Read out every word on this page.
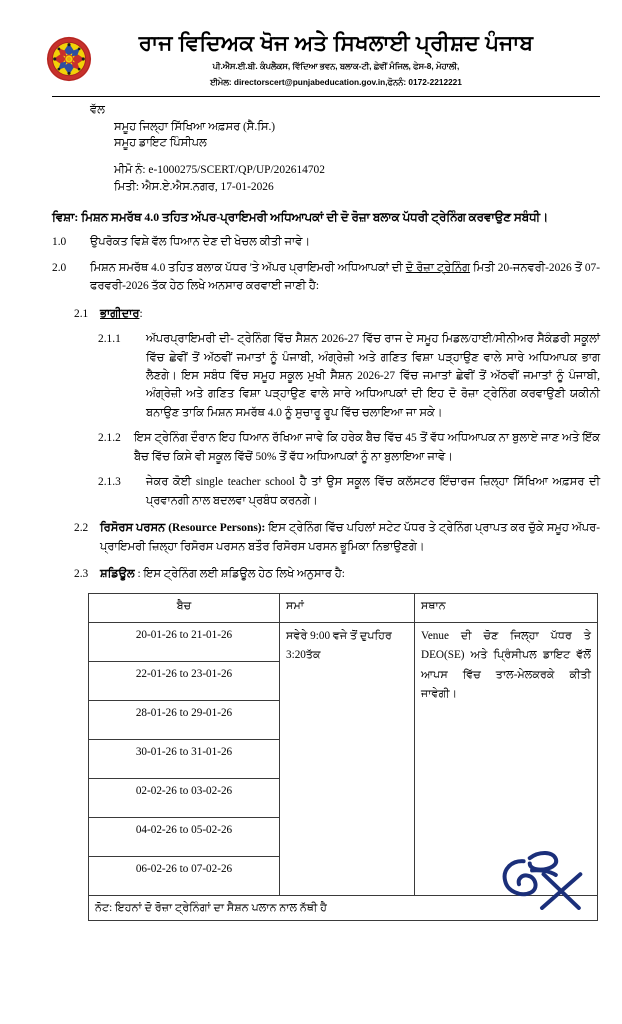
ਰਾਜ ਵਿਦਿਅਕ ਖੋਜ ਅਤੇ ਸਿਖਲਾਈ ਪ੍ਰੀਸ਼ਦ ਪੰਜਾਬ
ਪੀ.ਐਸ.ਈ.ਬੀ. ਕੰਪਲੈਕਸ, ਵਿੱਦਿਆ ਭਵਨ, ਬਲਾਕ-ਟੀ, ਛੇਵੀਂ ਮੰਜਿਲ, ਫੇਸ-8, ਮੋਹਾਲੀ,
ਈਮੇਲ: directorscert@punjabeducation.gov.in,ਫੋਨਨੰ: 0172-2212221
ਵੱਲ
ਸਮੂਹ ਜਿਲ੍ਹਾ ਸਿੱਖਿਆ ਅਫ਼ਸਰ (ਸੈ.ਸਿ.)
ਸਮੂਹ ਡਾਇਟ ਪਿੰਸੀਪਲ
ਮੀਮੋ ਨੰ: e-1000275/SCERT/QP/UP/202614702
ਮਿਤੀ: ਐਸ.ਏ.ਐਸ.ਨਗਰ, 17-01-2026
ਵਿਸ਼ਾ: ਮਿਸ਼ਨ ਸਮਰੱਥ 4.0 ਤਹਿਤ ਅੱਪਰ-ਪ੍ਰਾਇਮਰੀ ਅਧਿਆਪਕਾਂ ਦੀ ਦੋ ਰੋਜ਼ਾ ਬਲਾਕ ਪੱਧਰੀ ਟ੍ਰੇਨਿੰਗ ਕਰਵਾਉਣ ਸਬੰਧੀ।
1.0	ਉਪਰੋਕਤ ਵਿਸ਼ੇ ਵੱਲ ਧਿਆਨ ਦੇਣ ਦੀ ਖੇਚਲ ਕੀਤੀ ਜਾਵੇ।
2.0	ਮਿਸ਼ਨ ਸਮਰੱਥ 4.0 ਤਹਿਤ ਬਲਾਕ ਪੱਧਰ 'ਤੇ ਅੱਪਰ ਪ੍ਰਾਇਮਰੀ ਅਧਿਆਪਕਾਂ ਦੀ ਦੋ ਰੋਜ਼ਾ ਟ੍ਰੇਨਿੰਗ ਮਿਤੀ 20-ਜਨਵਰੀ-2026 ਤੋਂ 07-ਫਰਵਰੀ-2026 ਤੱਕ ਹੇਠ ਲਿਖੇ ਅਨਸਾਰ ਕਰਵਾਈ ਜਾਣੀ ਹੈ:
2.1	ਭਾਗੀਦਾਰ:
2.1.1	ਅੱਪਰਪ੍ਰਾਇਮਰੀ ਦੀ- ਟ੍ਰੇਨਿੰਗ ਵਿੱਚ ਸੈਸ਼ਨ 2026-27 ਵਿੱਚ ਰਾਜ ਦੇ ਸਮੂਹ ਮਿਡਲ/ਹਾਈ/ਸੀਨੀਅਰ ਸੈਕੰਡਰੀ ਸਕੂਲਾਂ ਵਿੱਚ ਛੇਵੀਂ ਤੋਂ ਅੱਠਵੀਂ ਜਮਾਤਾਂ ਨੂੰ ਪੰਜਾਬੀ, ਅੰਗ੍ਰੇਜ਼ੀ ਅਤੇ ਗਣਿਤ ਵਿਸ਼ਾ ਪੜ੍ਹਾਉਣ ਵਾਲੇ ਸਾਰੇ ਅਧਿਆਪਕ ਭਾਗ ਲੈਣਗੇ। ਇਸ ਸਬੰਧ ਵਿੱਚ ਸਮੂਹ ਸਕੂਲ ਮੁਖੀ ਸੈਸ਼ਨ 2026-27 ਵਿੱਚ ਜਮਾਤਾਂ ਛੇਵੀਂ ਤੋਂ ਅੱਠਵੀਂ ਜਮਾਤਾਂ ਨੂੰ ਪੰਜਾਬੀ, ਅੰਗ੍ਰੇਜ਼ੀ ਅਤੇ ਗਣਿਤ ਵਿਸ਼ਾ ਪੜ੍ਹਾਉਣ ਵਾਲੇ ਸਾਰੇ ਅਧਿਆਪਕਾਂ ਦੀ ਇਹ ਦੋ ਰੋਜ਼ਾ ਟ੍ਰੇਨਿੰਗ ਕਰਵਾਉਣੀ ਯਕੀਨੀ ਬਨਾਉਣ ਤਾਕਿ ਮਿਸ਼ਨ ਸਮਰੱਥ 4.0 ਨੂੰ ਸੁਚਾਰੂ ਰੂਪ ਵਿੱਚ ਚਲਾਇਆ ਜਾ ਸਕੇ।
2.1.2	ਇਸ ਟ੍ਰੇਨਿੰਗ ਦੌਰਾਨ ਇਹ ਧਿਆਨ ਰੱਖਿਆ ਜਾਵੇ ਕਿ ਹਰੇਕ ਬੈਚ ਵਿੱਚ 45 ਤੋਂ ਵੱਧ ਅਧਿਆਪਕ ਨਾ ਬੁਲਾਏ ਜਾਣ ਅਤੇ ਇੱਕ ਬੈਚ ਵਿੱਚ ਕਿਸੇ ਵੀ ਸਕੂਲ ਵਿੱਚੋਂ 50% ਤੋਂ ਵੱਧ ਅਧਿਆਪਕਾਂ ਨੂੰ ਨਾ ਬੁਲਾਇਆ ਜਾਵੇ।
2.1.3	ਜੇਕਰ ਕੋਈ single teacher school ਹੈ ਤਾਂ ਉਸ ਸਕੂਲ ਵਿੱਚ ਕਲੱਸਟਰ ਇੰਚਾਰਜ ਜ਼ਿਲ੍ਹਾ ਸਿੱਖਿਆ ਅਫ਼ਸਰ ਦੀ ਪ੍ਰਵਾਨਗੀ ਨਾਲ ਬਦਲਵਾ ਪ੍ਰਬੰਧ ਕਰਨਗੇ।
2.2	ਰਿਸੋਰਸ ਪਰਸਨ (Resource Persons): ਇਸ ਟ੍ਰੇਨਿੰਗ ਵਿੱਚ ਪਹਿਲਾਂ ਸਟੇਟ ਪੱਧਰ ਤੇ ਟ੍ਰੇਨਿੰਗ ਪ੍ਰਾਪਤ ਕਰ ਚੁੱਕੇ ਸਮੂਹ ਅੱਪਰ-ਪ੍ਰਾਇਮਰੀ ਜ਼ਿਲ੍ਹਾ ਰਿਸੋਰਸ ਪਰਸਨ ਬਤੌਰ ਰਿਸੋਰਸ ਪਰਸਨ ਭੂਮਿਕਾ ਨਿਭਾਉਣਗੇ।
2.3	ਸ਼ਡਿਊਲ : ਇਸ ਟ੍ਰੇਨਿੰਗ ਲਈ ਸ਼ਡਿਊਲ ਹੇਠ ਲਿਖੇ ਅਨੁਸਾਰ ਹੈ:
ਬੈਚ	ਸਮਾਂ	ਸਥਾਨ
20-01-26 to 21-01-26	ਸਵੇਰੇ 9:00 ਵਜੇ ਤੋਂ ਦੁਪਹਿਰ 3:20ਤੱਕ	Venue ਦੀ ਚੋਣ ਜਿਲ੍ਹਾ ਪੱਧਰ ਤੇ DEO(SE) ਅਤੇ ਪ੍ਰਿੰਸੀਪਲ ਡਾਇਟ ਵੱਲੋਂ ਆਪਸ ਵਿੱਚ ਤਾਲ-ਮੇਲਕਰਕੇ ਕੀਤੀ ਜਾਵੇਗੀ।

22-01-26 to 23-01-26		
28-01-26 to 29-01-26		
30-01-26 to 31-01-26		
02-02-26 to 03-02-26		
04-02-26 to 05-02-26		
06-02-26 to 07-02-26		
ਨੋਟ: ਇਹਨਾਂ ਦੋ ਰੋਜ਼ਾ ਟ੍ਰੇਨਿੰਗਾਂ ਦਾ ਸੈਸ਼ਨ ਪਲਾਨ ਨਾਲ ਨੱਥੀ ਹੈ		
